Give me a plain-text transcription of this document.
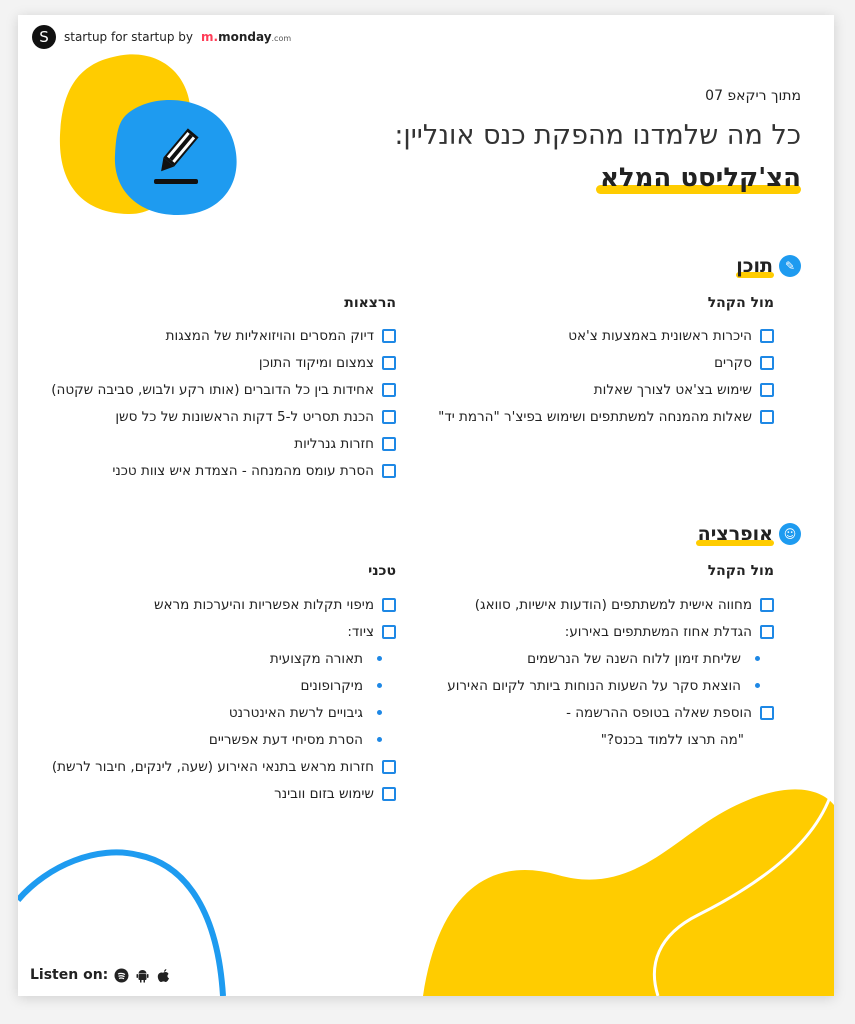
S	startup for startup by m.monday.com
מתוך ריקאפ 07
כל מה שלמדנו מהפקת כנס אונליין:
הצ'קליסט המלא
✎
תוכן
מול הקהל
היכרות ראשונית באמצעות צ'אט
סקרים
שימוש בצ'אט לצורך שאלות
שאלות מהמנחה למשתתפים ושימוש בפיצ'ר "הרמת יד"
הרצאות
דיוק המסרים והויזואליות של המצגות
צמצום ומיקוד התוכן
אחידות בין כל הדוברים (אותו רקע ולבוש, סביבה שקטה)
הכנת תסריט ל-5 דקות הראשונות של כל סשן
חזרות גנרליות
הסרת עומס מהמנחה - הצמדת איש צוות טכני
☺
אופרציה
מול הקהל
מחווה אישית למשתתפים (הודעות אישיות, סוואג)
הגדלת אחוז המשתתפים באירוע:
שליחת זימון ללוח השנה של הנרשמים
הוצאת סקר על השעות הנוחות ביותר לקיום האירוע
הוספת שאלה בטופס ההרשמה -
"מה תרצו ללמוד בכנס?"
טכני
מיפוי תקלות אפשריות והיערכות מראש
ציוד:
תאורה מקצועית
מיקרופונים
גיבויים לרשת האינטרנט
הסרת מסיחי דעת אפשריים
חזרות מראש בתנאי האירוע (שעה, לינקים, חיבור לרשת)
שימוש בזום וובינר
Listen on:
